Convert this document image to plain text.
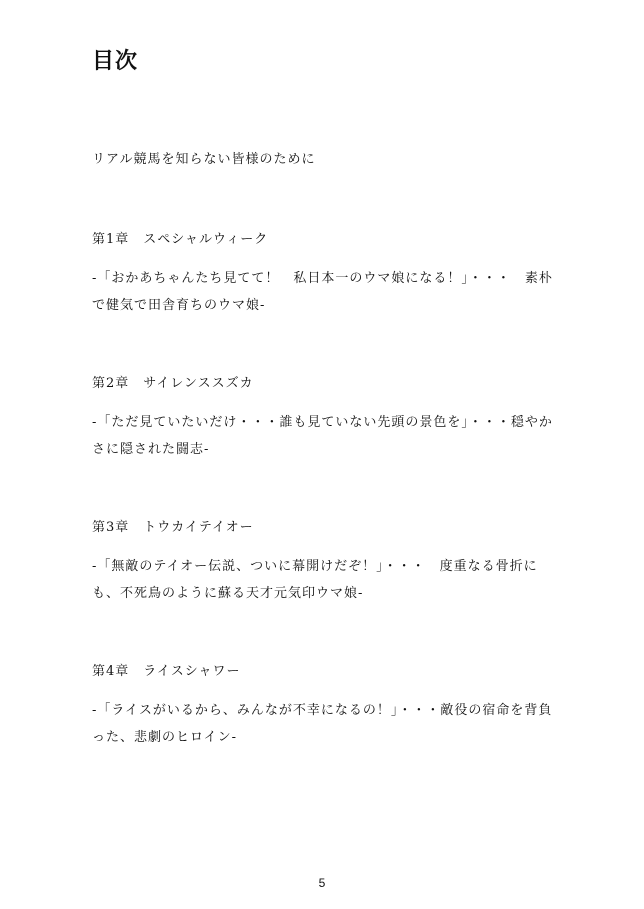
目次
リアル競馬を知らない皆様のために
第1章 スペシャルウィーク
-「おかあちゃんたち見てて！　私日本一のウマ娘になる！」・・・　素朴
で健気で田舎育ちのウマ娘-
第2章 サイレンススズカ
-「ただ見ていたいだけ・・・誰も見ていない先頭の景色を」・・・穏やか
さに隠された闘志-
第3章 トウカイテイオー
-「無敵のテイオー伝説、ついに幕開けだぞ！」・・・　度重なる骨折に
も、不死鳥のように蘇る天才元気印ウマ娘-
第4章 ライスシャワー
-「ライスがいるから、みんなが不幸になるの！」・・・敵役の宿命を背負
った、悲劇のヒロイン-
5
